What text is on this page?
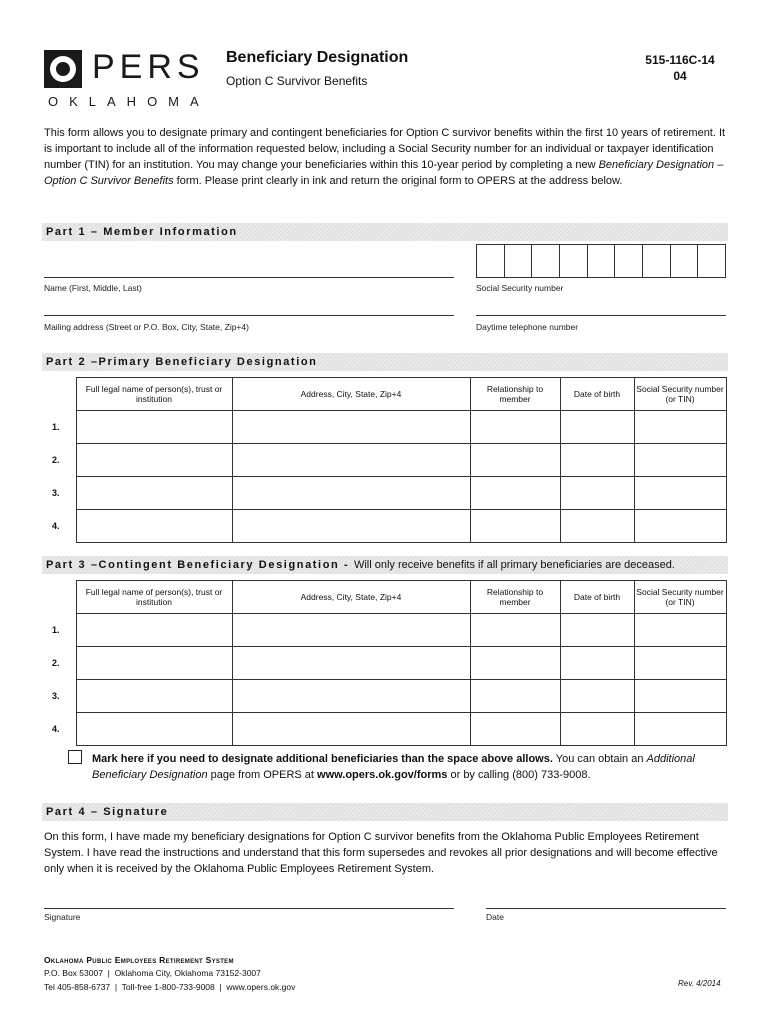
PERS
OKLAHOMA
Beneficiary Designation
Option C Survivor Benefits
515-116C-14
04
This form allows you to designate primary and contingent beneficiaries for Option C survivor benefits within the first 10 years of retirement. It is important to include all of the information requested below, including a Social Security number for an individual or taxpayer identification number (TIN) for an institution. You may change your beneficiaries within this 10-year period by completing a new Beneficiary Designation – Option C Survivor Benefits form. Please print clearly in ink and return the original form to OPERS at the address below.
Part 1 – Member Information
Name (First, Middle, Last)	Social Security number
Mailing address (Street or P.O. Box, City, State, Zip+4)	Daytime telephone number
Part 2 –Primary Beneficiary Designation
	Full legal name of person(s), trust or institution	Address, City, State, Zip+4	Relationship to member	Date of birth	Social Security number (or TIN)
1.					
2.					
3.					
4.					
Part 3 –Contingent Beneficiary Designation - Will only receive benefits if all primary beneficiaries are deceased.
	Full legal name of person(s), trust or institution	Address, City, State, Zip+4	Relationship to member	Date of birth	Social Security number (or TIN)
1.					
2.					
3.					
4.					
Mark here if you need to designate additional beneficiaries than the space above allows. You can obtain an Additional Beneficiary Designation page from OPERS at www.opers.ok.gov/forms or by calling (800) 733-9008.
Part 4 – Signature
On this form, I have made my beneficiary designations for Option C survivor benefits from the Oklahoma Public Employees Retirement System. I have read the instructions and understand that this form supersedes and revokes all prior designations and will become effective only when it is received by the Oklahoma Public Employees Retirement System.
Signature	Date
Oklahoma Public Employees Retirement System
P.O. Box 53007  |  Oklahoma City, Oklahoma 73152-3007
Tel 405-858-6737  |  Toll-free 1-800-733-9008  |  www.opers.ok.gov	Rev. 4/2014
